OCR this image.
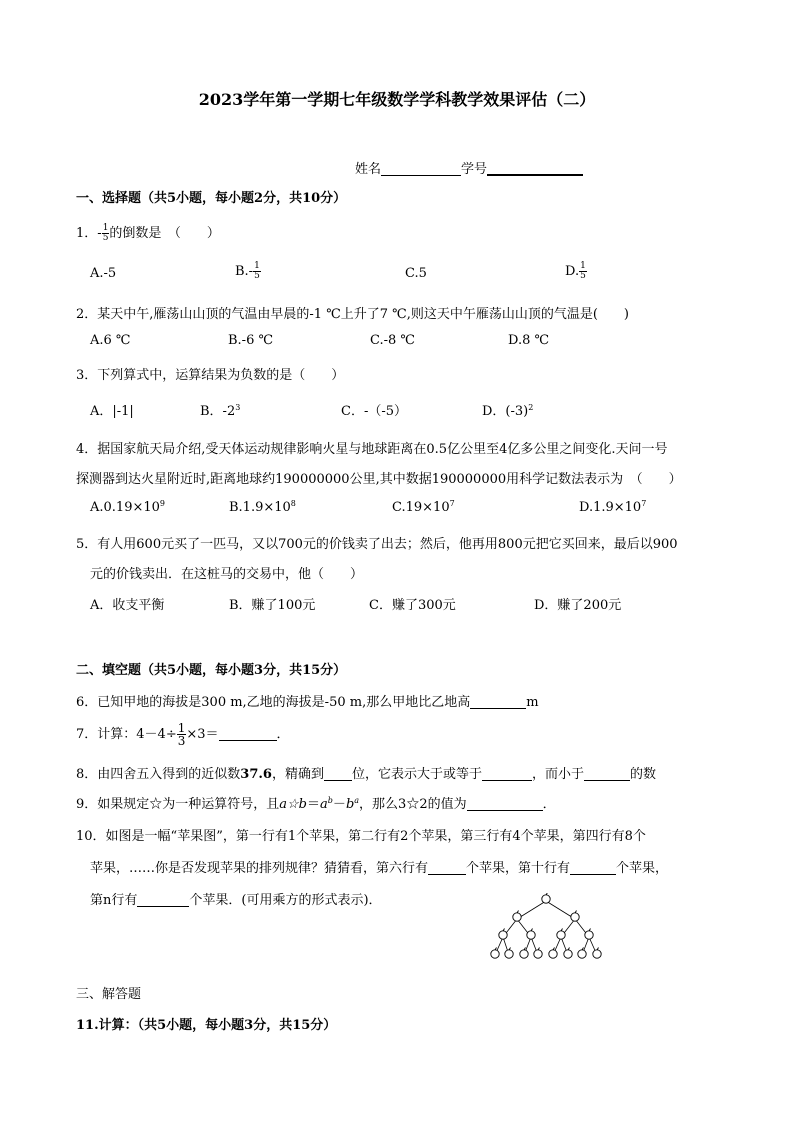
2023学年第一学期七年级数学学科教学效果评估（二）
姓名	学号
一、选择题（共5小题，每小题2分，共10分）
1．- $\frac{1}{5}$ 的倒数是　（　　）
A.-5	$B.- \frac{1}{5}$	C.5	D. $\frac{1}{5}$
2．某天中午,雁荡山山顶的气温由早晨的-1 ℃上升了7 ℃,则这天中午雁荡山山顶的气温是(　　)
A.6 ℃	B.-6 ℃	C.-8 ℃	D.8 ℃
3．下列算式中，运算结果为负数的是（　　）
A．|-1|	B．$-2^3$	C．-（-5）	D．$(-3)^2$
4．据国家航天局介绍,受天体运动规律影响火星与地球距离在0.5亿公里至4亿多公里之间变化.天问一号
探测器到达火星附近时,距离地球约190000000公里,其中数据190000000用科学记数法表示为　（　　）
$A.0.19\times 10^9$	$B.1.9\times 10^8$	$C.19\times 10^7$	$D.1.9\times 10^7$
5．有人用600元买了一匹马，又以700元的价钱卖了出去；然后，他再用800元把它买回来，最后以900
元的价钱卖出．在这桩马的交易中，他（　　）
A．收支平衡	B．赚了100元	C．赚了300元	D．赚了200元
二、填空题（共5小题，每小题3分，共15分）
6．已知甲地的海拔是300 m,乙地的海拔是-50 m,那么甲地比乙地高	m
7．计算：$4-4\div \frac{1}{3} \times 3=$	．
8．由四舍五入得到的近似数37.6，精确到 位，它表示大于或等于	，而小于	的数
9．如果规定☆为一种运算符号，且$a☆b=a^b-b^a$，那么3☆2的值为	．
10．如图是一幅“苹果图”，第一行有1个苹果，第二行有2个苹果，第三行有4个苹果，第四行有8个
苹果，……你是否发现苹果的排列规律？猜猜看，第六行有	个苹果，第十行有	个苹果，
第n行有	个苹果．(可用乘方的形式表示)．
三、解答题
11.计算：（共5小题，每小题3分，共15分）
